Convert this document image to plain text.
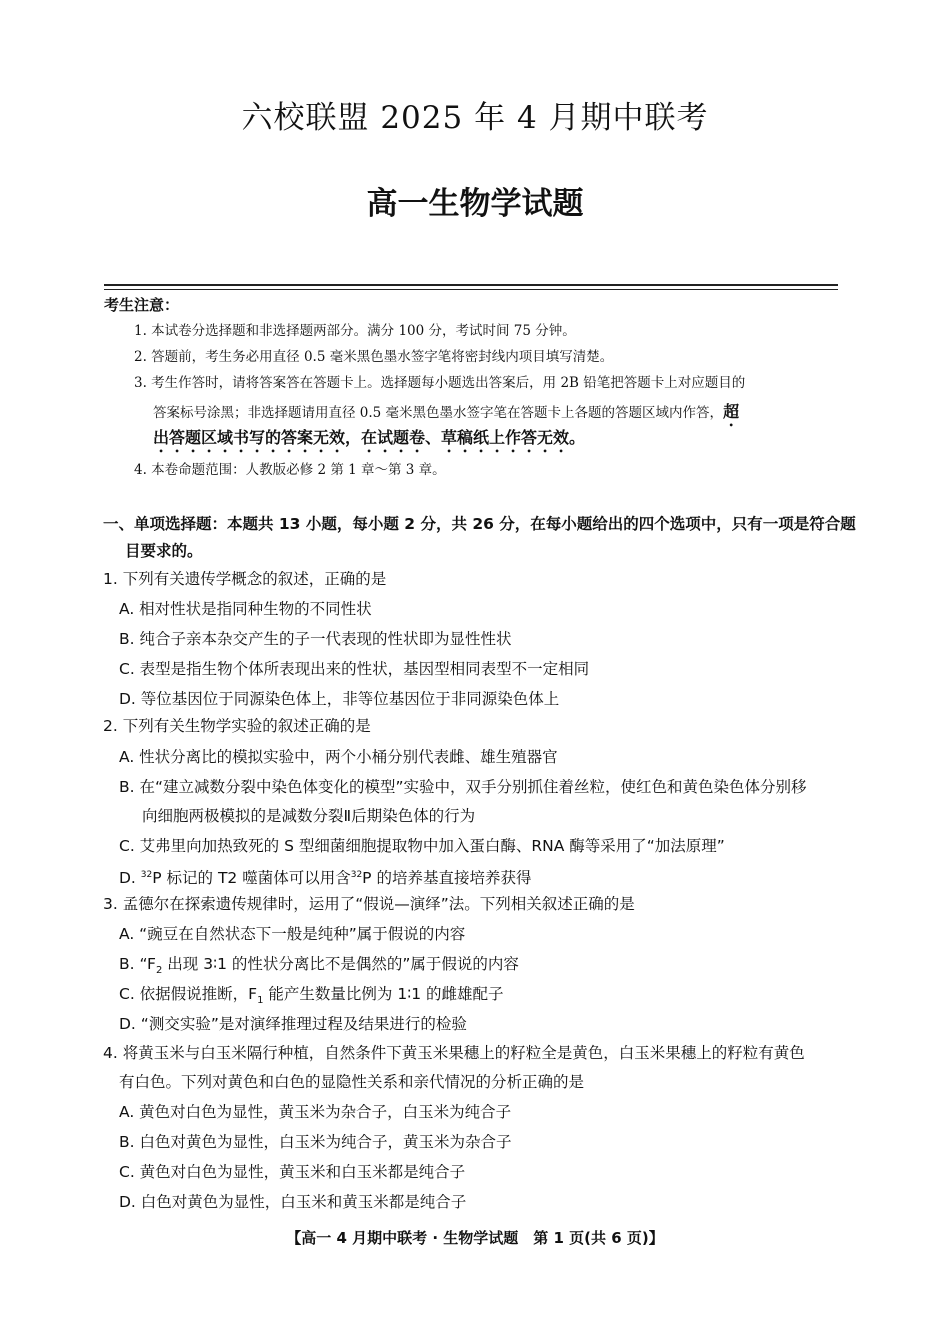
六校联盟 2025 年 4 月期中联考
高一生物学试题
考生注意：
1. 本试卷分选择题和非选择题两部分。满分 100 分，考试时间 75 分钟。
2. 答题前，考生务必用直径 0.5 毫米黑色墨水签字笔将密封线内项目填写清楚。
3. 考生作答时，请将答案答在答题卡上。选择题每小题选出答案后，用 2B 铅笔把答题卡上对应题目的
答案标号涂黑；非选择题请用直径 0.5 毫米黑色墨水签字笔在答题卡上各题的答题区域内作答，超
出答题区域书写的答案无效，在试题卷、草稿纸上作答无效。
4. 本卷命题范围：人教版必修 2 第 1 章～第 3 章。
一、单项选择题：本题共 13 小题，每小题 2 分，共 26 分，在每小题给出的四个选项中，只有一项是符合题
目要求的。
1. 下列有关遗传学概念的叙述，正确的是
A. 相对性状是指同种生物的不同性状
B. 纯合子亲本杂交产生的子一代表现的性状即为显性性状
C. 表型是指生物个体所表现出来的性状，基因型相同表型不一定相同
D. 等位基因位于同源染色体上，非等位基因位于非同源染色体上
2. 下列有关生物学实验的叙述正确的是
A. 性状分离比的模拟实验中，两个小桶分别代表雌、雄生殖器官
B. 在“建立减数分裂中染色体变化的模型”实验中，双手分别抓住着丝粒，使红色和黄色染色体分别移
向细胞两极模拟的是减数分裂Ⅱ后期染色体的行为
C. 艾弗里向加热致死的 S 型细菌细胞提取物中加入蛋白酶、RNA 酶等采用了“加法原理”
D. $^{32}$P 标记的 T2 噬菌体可以用含$^{32}$P 的培养基直接培养获得
3. 孟德尔在探索遗传规律时，运用了“假说—演绎”法。下列相关叙述正确的是
A. “豌豆在自然状态下一般是纯种”属于假说的内容
B. “$F_2$ 出现 3∶1 的性状分离比不是偶然的”属于假说的内容
C. 依据假说推断，$F_1$ 能产生数量比例为 1∶1 的雌雄配子
D. “测交实验”是对演绎推理过程及结果进行的检验
4. 将黄玉米与白玉米隔行种植，自然条件下黄玉米果穗上的籽粒全是黄色，白玉米果穗上的籽粒有黄色
有白色。下列对黄色和白色的显隐性关系和亲代情况的分析正确的是
A. 黄色对白色为显性，黄玉米为杂合子，白玉米为纯合子
B. 白色对黄色为显性，白玉米为纯合子，黄玉米为杂合子
C. 黄色对白色为显性，黄玉米和白玉米都是纯合子
D. 白色对黄色为显性，白玉米和黄玉米都是纯合子
【高一 4 月期中联考 · 生物学试题　第 1 页(共 6 页)】
